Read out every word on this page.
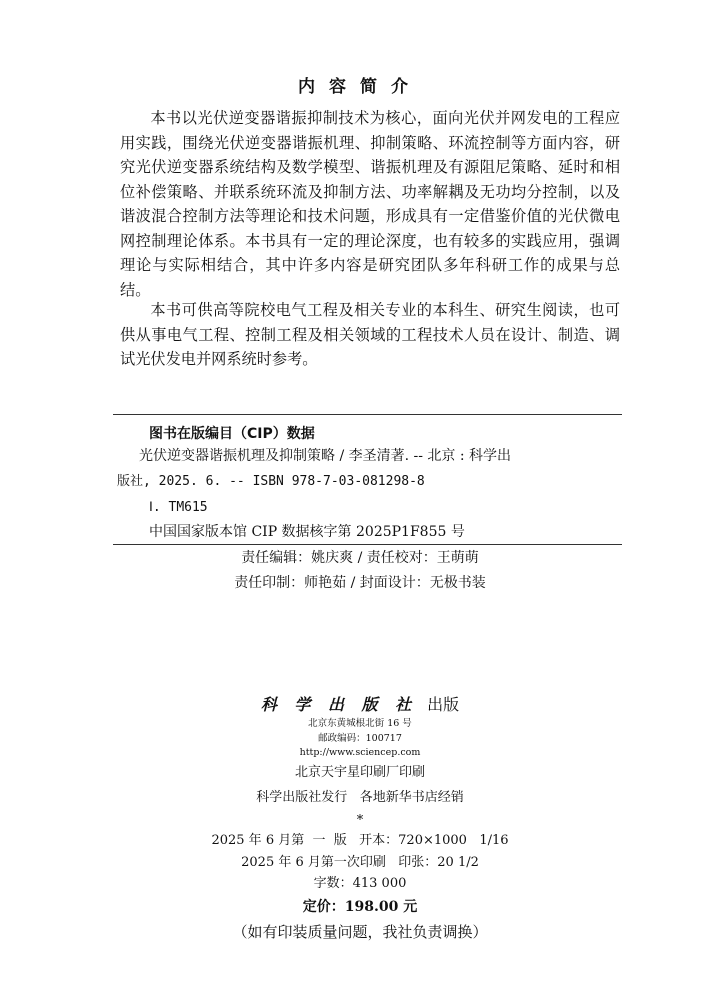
内容简介

本书以光伏逆变器谐振抑制技术为核心，面向光伏并网发电的工程应用实践，围绕光伏逆变器谐振机理、抑制策略、环流控制等方面内容，研究光伏逆变器系统结构及数学模型、谐振机理及有源阻尼策略、延时和相位补偿策略、并联系统环流及抑制方法、功率解耦及无功均分控制，以及谐波混合控制方法等理论和技术问题，形成具有一定借鉴价值的光伏微电网控制理论体系。本书具有一定的理论深度，也有较多的实践应用，强调理论与实际相结合，其中许多内容是研究团队多年科研工作的成果与总结。

本书可供高等院校电气工程及相关专业的本科生、研究生阅读，也可供从事电气工程、控制工程及相关领域的工程技术人员在设计、制造、调试光伏发电并网系统时参考。

图书在版编目（CIP）数据
光伏逆变器谐振机理及抑制策略 / 李圣清著. -- 北京 : 科学出
版社, 2025. 6. -- ISBN 978-7-03-081298-8
Ⅰ. TM615
中国国家版本馆 CIP 数据核字第 2025P1F855 号
责任编辑：姚庆爽 / 责任校对：王萌萌
责任印制：师艳茹 / 封面设计：无极书装
科 学 出 版 社 出版
北京东黄城根北街 16 号
邮政编码：100717
http://www.sciencep.com
北京天宇星印刷厂印刷
科学出版社发行   各地新华书店经销
*
2025 年 6 月第  一  版   开本：720×1000   1/16
2025 年 6 月第一次印刷   印张：20 1/2
字数：413 000
定价：198.00 元
（如有印装质量问题，我社负责调换）
